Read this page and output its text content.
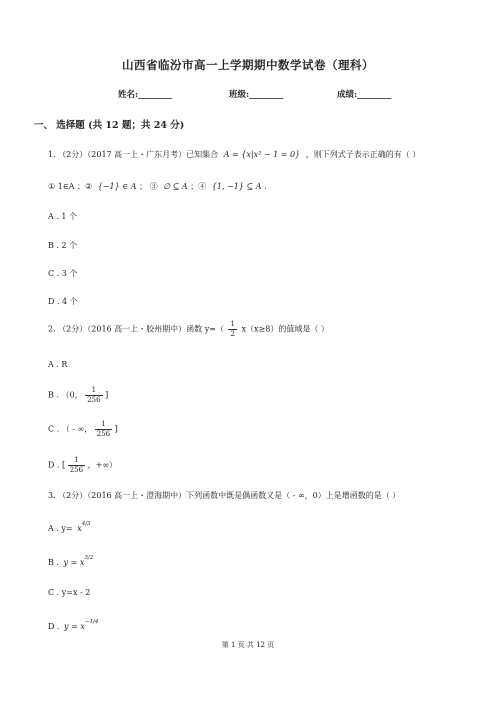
山西省临汾市高一上学期期中数学试卷（理科）
姓名:________	班级:________	成绩:________
一、 选择题 (共 12 题；共 24 分)
1. （2分）（2017 高一上・广东月考）已知集合 A = {x|x² − 1 = 0} ，则下列式子表示正确的有（ ）
① 1∈A ；② {−1} ∈ A ； ③ ∅ ⊆ A ；④ {1, −1} ⊆ A .
A . 1 个
B . 2 个
C . 3 个
D . 4 个
2. （2分）（2016 高一上・胶州期中）函数 $y=( \frac{1}{2} x(x\ge 8)$的值域是（ ）
A . R
B . （0， $\frac{1}{256}$ ]
C . （ - ∞， $\frac{1}{256}$ ]
D . [ $\frac{1}{256}$ ，+∞）
3. （2分）（2016 高一上・澄海期中）下列函数中既是偶函数又是（ - ∞，0）上是增函数的是（ ）
A . $y= x^{4/3}$
B . $y = x^{3/2}$
C . y=x - 2
D . $y = x^{-1/4}$
第 1 页 共 12 页
